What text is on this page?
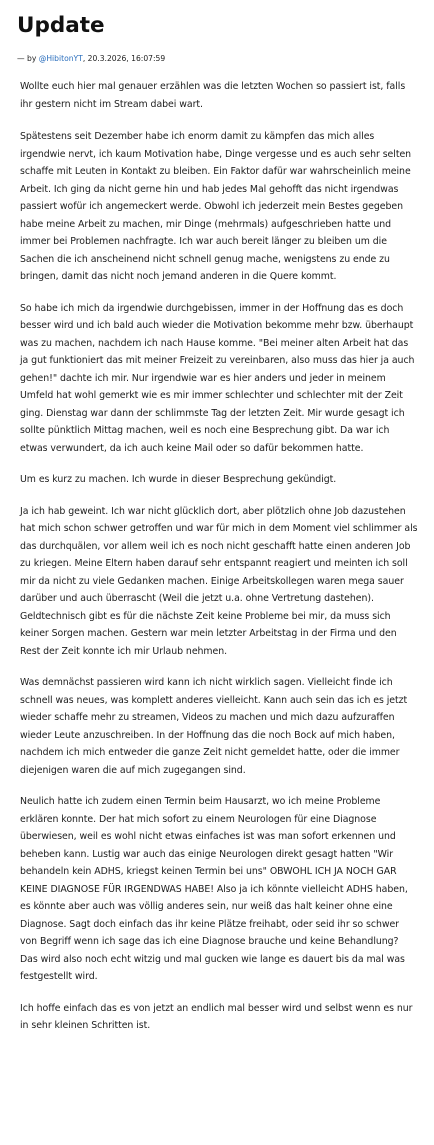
Update
— by @HibitonYT, 20.3.2026, 16:07:59

Wollte euch hier mal genauer erzählen was die letzten Wochen so passiert ist, falls ihr gestern nicht im Stream dabei wart.

Spätestens seit Dezember habe ich enorm damit zu kämpfen das mich alles irgendwie nervt, ich kaum Motivation habe, Dinge vergesse und es auch sehr selten schaffe mit Leuten in Kontakt zu bleiben. Ein Faktor dafür war wahrscheinlich meine Arbeit. Ich ging da nicht gerne hin und hab jedes Mal gehofft das nicht irgendwas passiert wofür ich angemeckert werde. Obwohl ich jederzeit mein Bestes gegeben habe meine Arbeit zu machen, mir Dinge (mehrmals) aufgeschrieben hatte und immer bei Problemen nachfragte. Ich war auch bereit länger zu bleiben um die Sachen die ich anscheinend nicht schnell genug mache, wenigstens zu ende zu bringen, damit das nicht noch jemand anderen in die Quere kommt.

So habe ich mich da irgendwie durchgebissen, immer in der Hoffnung das es doch besser wird und ich bald auch wieder die Motivation bekomme mehr bzw. überhaupt was zu machen, nachdem ich nach Hause komme. "Bei meiner alten Arbeit hat das ja gut funktioniert das mit meiner Freizeit zu vereinbaren, also muss das hier ja auch gehen!" dachte ich mir. Nur irgendwie war es hier anders und jeder in meinem Umfeld hat wohl gemerkt wie es mir immer schlechter und schlechter mit der Zeit ging. Dienstag war dann der schlimmste Tag der letzten Zeit. Mir wurde gesagt ich sollte pünktlich Mittag machen, weil es noch eine Besprechung gibt. Da war ich etwas verwundert, da ich auch keine Mail oder so dafür bekommen hatte.

Um es kurz zu machen. Ich wurde in dieser Besprechung gekündigt.

Ja ich hab geweint. Ich war nicht glücklich dort, aber plötzlich ohne Job dazustehen hat mich schon schwer getroffen und war für mich in dem Moment viel schlimmer als das durchquälen, vor allem weil ich es noch nicht geschafft hatte einen anderen Job zu kriegen. Meine Eltern haben darauf sehr entspannt reagiert und meinten ich soll mir da nicht zu viele Gedanken machen. Einige Arbeitskollegen waren mega sauer darüber und auch überrascht (Weil die jetzt u.a. ohne Vertretung dastehen). Geldtechnisch gibt es für die nächste Zeit keine Probleme bei mir, da muss sich keiner Sorgen machen. Gestern war mein letzter Arbeitstag in der Firma und den Rest der Zeit konnte ich mir Urlaub nehmen.

Was demnächst passieren wird kann ich nicht wirklich sagen. Vielleicht finde ich schnell was neues, was komplett anderes vielleicht. Kann auch sein das ich es jetzt wieder schaffe mehr zu streamen, Videos zu machen und mich dazu aufzuraffen wieder Leute anzuschreiben. In der Hoffnung das die noch Bock auf mich haben, nachdem ich mich entweder die ganze Zeit nicht gemeldet hatte, oder die immer diejenigen waren die auf mich zugegangen sind.

Neulich hatte ich zudem einen Termin beim Hausarzt, wo ich meine Probleme erklären konnte. Der hat mich sofort zu einem Neurologen für eine Diagnose überwiesen, weil es wohl nicht etwas einfaches ist was man sofort erkennen und beheben kann. Lustig war auch das einige Neurologen direkt gesagt hatten "Wir behandeln kein ADHS, kriegst keinen Termin bei uns" OBWOHL ICH JA NOCH GAR KEINE DIAGNOSE FÜR IRGENDWAS HABE! Also ja ich könnte vielleicht ADHS haben, es könnte aber auch was völlig anderes sein, nur weiß das halt keiner ohne eine Diagnose. Sagt doch einfach das ihr keine Plätze freihabt, oder seid ihr so schwer von Begriff wenn ich sage das ich eine Diagnose brauche und keine Behandlung? Das wird also noch echt witzig und mal gucken wie lange es dauert bis da mal was festgestellt wird.

Ich hoffe einfach das es von jetzt an endlich mal besser wird und selbst wenn es nur in sehr kleinen Schritten ist.
